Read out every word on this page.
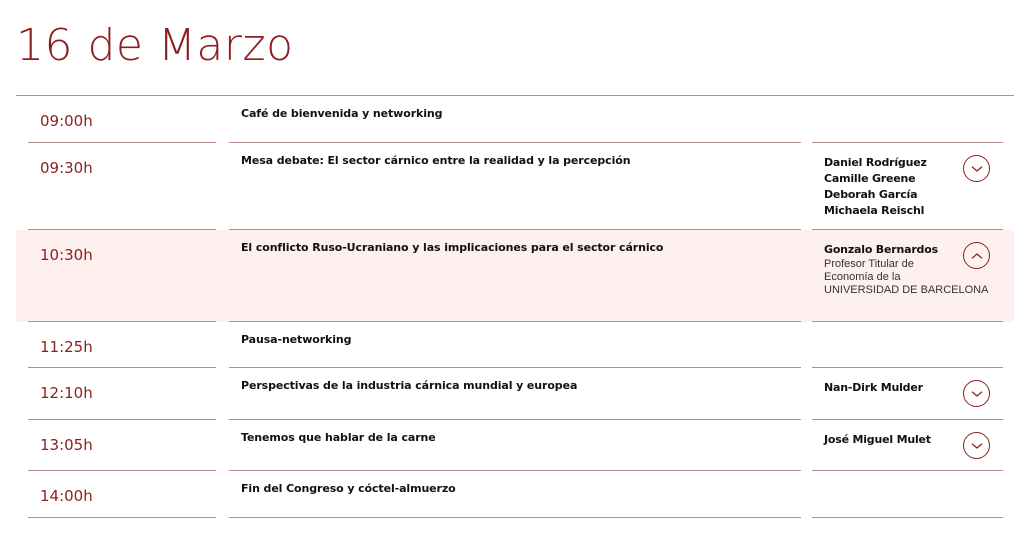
16 de Marzo
09:00h	Café de bienvenida y networking
09:30h	Mesa debate: El sector cárnico entre la realidad y la percepción	Daniel Rodríguez
Camille Greene
Deborah García
Michaela Reischl
10:30h	El conflicto Ruso-Ucraniano y las implicaciones para el sector cárnico	Gonzalo Bernardos
Profesor Titular de
Economía de la
UNIVERSIDAD DE BARCELONA
11:25h	Pausa-networking
12:10h	Perspectivas de la industria cárnica mundial y europea	Nan-Dirk Mulder
13:05h	Tenemos que hablar de la carne	José Miguel Mulet
14:00h	Fin del Congreso y cóctel-almuerzo
